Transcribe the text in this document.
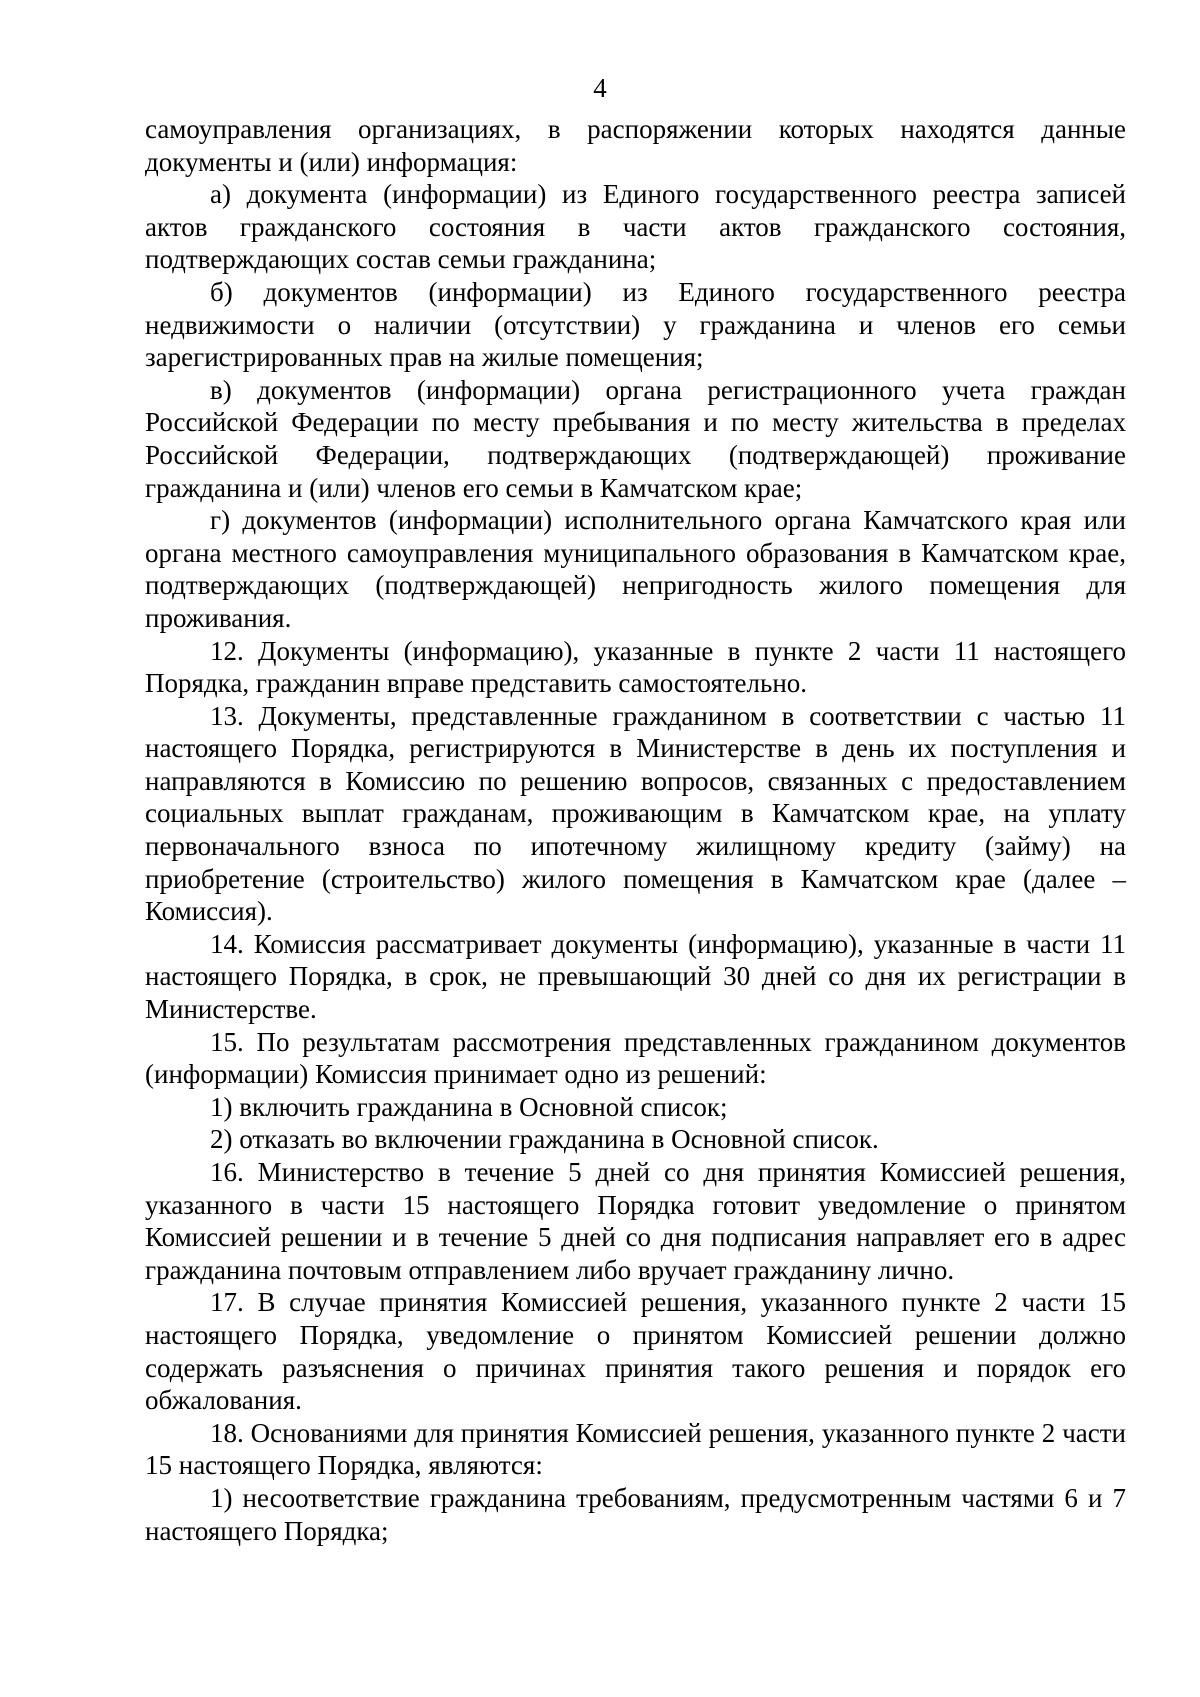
4

самоуправления организациях, в распоряжении которых находятся данные документы и (или) информация:

а) документа (информации) из Единого государственного реестра записей актов гражданского состояния в части актов гражданского состояния, подтверждающих состав семьи гражданина;

б) документов (информации) из Единого государственного реестра недвижимости о наличии (отсутствии) у гражданина и членов его семьи зарегистрированных прав на жилые помещения;

в) документов (информации) органа регистрационного учета граждан Российской Федерации по месту пребывания и по месту жительства в пределах Российской Федерации, подтверждающих (подтверждающей) проживание гражданина и (или) членов его семьи в Камчатском крае;

г) документов (информации) исполнительного органа Камчатского края или органа местного самоуправления муниципального образования в Камчатском крае, подтверждающих (подтверждающей) непригодность жилого помещения для проживания.

12. Документы (информацию), указанные в пункте 2 части 11 настоящего Порядка, гражданин вправе представить самостоятельно.

13. Документы, представленные гражданином в соответствии с частью 11 настоящего Порядка, регистрируются в Министерстве в день их поступления и направляются в Комиссию по решению вопросов, связанных с предоставлением социальных выплат гражданам, проживающим в Камчатском крае, на уплату первоначального взноса по ипотечному жилищному кредиту (займу) на приобретение (строительство) жилого помещения в Камчатском крае (далее – Комиссия).

14. Комиссия рассматривает документы (информацию), указанные в части 11 настоящего Порядка, в срок, не превышающий 30 дней со дня их регистрации в Министерстве.

15. По результатам рассмотрения представленных гражданином документов (информации) Комиссия принимает одно из решений:

1) включить гражданина в Основной список;

2) отказать во включении гражданина в Основной список.

16. Министерство в течение 5 дней со дня принятия Комиссией решения, указанного в части 15 настоящего Порядка готовит уведомление о принятом Комиссией решении и в течение 5 дней со дня подписания направляет его в адрес гражданина почтовым отправлением либо вручает гражданину лично.

17. В случае принятия Комиссией решения, указанного пункте 2 части 15 настоящего Порядка, уведомление о принятом Комиссией решении должно содержать разъяснения о причинах принятия такого решения и порядок его обжалования.

18. Основаниями для принятия Комиссией решения, указанного пункте 2 части 15 настоящего Порядка, являются:

1) несоответствие гражданина требованиям, предусмотренным частями 6 и 7 настоящего Порядка;
